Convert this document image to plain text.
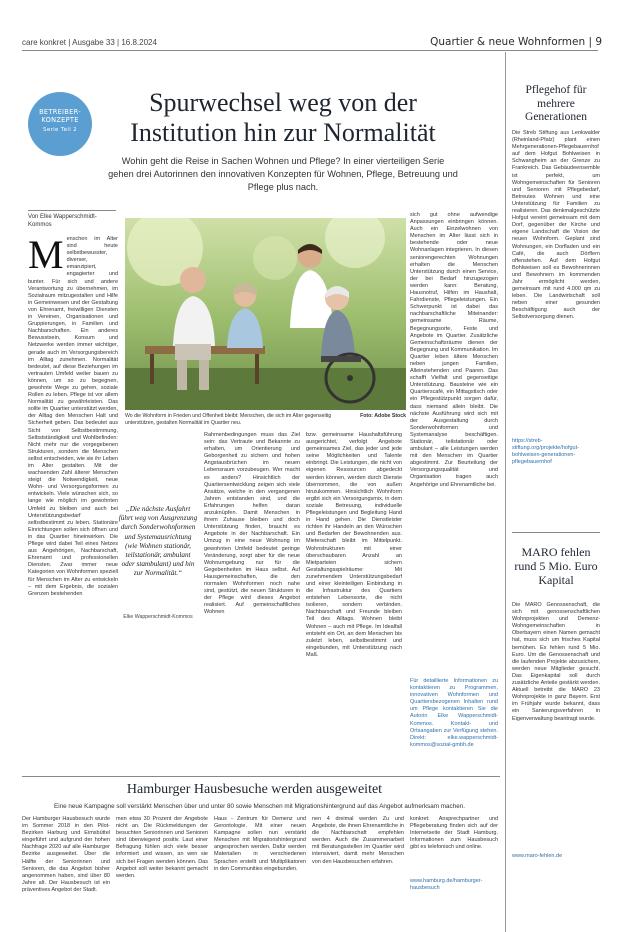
care konkret | Ausgabe 33 | 16.8.2024	Quartier & neue Wohnformen | 9
BETREIBER-
KONZEPTE
Serie Teil 2
Spurwechsel weg von der Institution hin zur Normalität
Wohin geht die Reise in Sachen Wohnen und Pflege? In einer vierteiligen Serie gehen drei Autorinnen den innovativen Konzepten für Wohnen, Pflege, Betreuung und Pflege plus nach.
Von Elke Wapperschmidt-Kommos
Menschen im Alter sind heute selbstbewusster, diverser, emanzipiert, engagierter und bunter. Für sich und andere Verantwortung zu übernehmen, im Sozialraum mitzugestalten und Hilfe in Gemeinwesen und der Gestaltung von Ehrenamt, freiwilligen Diensten in Vereinen, Organisationen und Gruppierungen, in Familien und Nachbarschaften. Ein anderes Bewusstsein, Konsum und Netzwerke werden immer wichtiger, gerade auch im Versorgungsbereich im Alltag zunehmen. Normalität bedeutet, auf diese Beziehungen im vertrauten Umfeld weiter bauen zu können, um so zu begegnen, gewohnte Wege zu gehen, soziale Rollen zu leben. Pflege ist vor allem Normalität zu gewährleisten. Das sollte im Quartier unterstützt werden, der Alltag den Menschen Halt und Sicherheit geben. Das bedeutet aus Sicht von Selbstbestimmung, Selbstständigkeit und Wohlbefinden: Nicht mehr nur die vorgegebenen Strukturen, sondern die Menschen selbst entscheiden, wie sie ihr Leben im Alter gestalten. Mit der wachsenden Zahl älterer Menschen steigt die Notwendigkeit, neue Wohn- und Versorgungsformen zu entwickeln. Viele wünschen sich, so lange wie möglich im gewohnten Umfeld zu bleiben und auch bei Unterstützungsbedarf selbstbestimmt zu leben. Stationäre Einrichtungen sollen sich öffnen und in das Quartier hineinwirken. Die Pflege wird dabei Teil eines Netzes aus Angehörigen, Nachbarschaft, Ehrenamt und professionellen Diensten. Zwar immer neue Kategorien von Wohnformen speziell für Menschen im Alter zu entwickeln – mit dem Ergebnis, die sozialen Grenzen bestehenden
Wo die Wohnform in Frieden und Offenheit bleibt: Menschen, die sich im Alter gegenseitig unterstützen, gestalten Normalität im Quartier neu.
Foto: Adobe Stock
„Die nächste Ausfahrt führt weg von Ausgrenzung durch Sonderwohnformen und Systemausrichtung (wie Wohnen stationär, teilstationär, ambulant oder stambulant) und hin zur Normalität.“
Elke Wapperschmidt-Kommos
Rahmenbedingungen muss das Ziel sein: das Vertraute und Bekannte zu erhalten, um Orientierung und Geborgenheit zu sichern und hohen Angstausbrüchen im neuen Lebensraum vorzubeugen. Wer macht es anders? Hinsichtlich der Quartiersentwicklung zeigen sich viele Ansätze, welche in den vergangenen Jahren entstanden sind, und die Erfahrungen helfen daran anzuknüpfen. Damit Menschen in ihrem Zuhause bleiben und doch Unterstützung finden, braucht es Angebote in der Nachbarschaft. Ein Umzug in eine neue Wohnung im gewohnten Umfeld bedeutet geringe Veränderung, sorgt aber für die neue Wohnumgebung nur für die Gegebenheiten im Haus selbst. Auf Hausgemeinschaften, die den normalen Wohnformen noch nahe sind, gestützt, die neuen Strukturen in der Pflege wird dieses Angebot realisiert. Auf gemeinschaftliches Wohnen
bzw. gemeinsame Haushaltsführung ausgerichtet, verfolgt Angebote gemeinsames Ziel, das jeder und jede seine Möglichkeiten und Talente einbringt. Die Leistungen, die nicht von eigenen Ressourcen abgedeckt werden können, werden durch Dienste übernommen, die von außen hinzukommen. Hinsichtlich Wohnform ergibt sich ein Versorgungsmix, in dem soziale Betreuung, individuelle Pflegeleistungen und Begleitung Hand in Hand gehen. Die Dienstleister richten ihr Handeln an den Wünschen und Bedarfen der Bewohnenden aus. Mieterschaft bleibt im Mittelpunkt. Wohnstrukturen mit einer überschaubaren Anzahl an Mietparteien sichern Gestaltungsspielräume: Mit zunehmendem Unterstützungsbedarf und einer kleinteiligen Einbindung in die Infrastruktur des Quartiers entstehen Lebensorte, die nicht isolieren, sondern verbinden. Nachbarschaft und Freunde bleiben Teil des Alltags. Wohnen bleibt Wohnen – auch mit Pflege. Im Idealfall entsteht ein Ort, an dem Menschen bis zuletzt leben, selbstbestimmt und eingebunden, mit Unterstützung nach Maß.
sich gut ohne aufwendige Anpassungen einbringen können. Auch ein Einzelwohnen von Menschen im Alter lässt sich in bestehende oder neue Wohnanlagen integrieren. In diesen seniorengerechten Wohnungen erhalten die Menschen Unterstützung durch einen Service, der bei Bedarf hinzugezogen werden kann: Beratung, Hausnotruf, Hilfen im Haushalt, Fahrdienste, Pflegeleistungen. Ein Schwerpunkt ist dabei das nachbarschaftliche Miteinander: gemeinsame Räume, Begegnungsorte, Feste und Angebote im Quartier. Zusätzliche Gemeinschaftsräume dienen der Begegnung und Kommunikation. Im Quartier leben ältere Menschen neben jungen Familien, Alleinstehenden und Paaren. Das schafft Vielfalt und gegenseitige Unterstützung. Bausteine wie ein Quartierscafé, ein Mittagstisch oder ein Pflegestützpunkt sorgen dafür, dass niemand allein bleibt. Die nächste Ausführung wird sich mit der Ausgestaltung durch Sonderwohnformen und Systemanalyse beschäftigen. Stationär, teilstationär oder ambulant – alle Leistungen werden mit den Menschen im Quartier abgestimmt. Zur Beurteilung der Versorgungsqualität und Organisation tragen auch Angehörige und Ehrenamtliche bei.
Für detaillierte Informationen zu kontaktieren zu Programmen, innovativen Wohnformen und Quartiersbezogenen Inhalten rund um Pflege kontaktieren Sie die Autorin Elke Wapperschmidt-Kommos. Kontakt- und Ortsangaben zur Verfügung stehen. Direkt: elke.wapperschmidt-kommos@sozial-gmbh.de
Pflegehof für mehrere Generationen
Die Streb Stiftung aus Lenkwalder (Rheinland-Pfalz) plant einen Mehrgenerationen-Pflegebauernhof auf dem Hofgut Bohlweisen in Schwangheim an der Grenze zu Frankreich. Das Gebäudeensemble ist perfekt, um Wohngemeinschaften für Senioren und Senioren mit Pflegebedarf, Betreutes Wohnen und eine Unterstützung für Familien zu realisieren. Das denkmalgeschützte Hofgut vereint gemeinsam mit dem Dorf, gegenüber der Kirche und eigene Landschaft die Vision der neuen Wohnform. Geplant sind Wohnungen, ein Dorfladen und ein Café, die auch Dörflern offenstehen. Auf dem Hofgut Bohlweisen soll es Bewohnerinnen und Bewohnern im kommenden Jahr ermöglicht werden, gemeinsam mit rund 4.000 qm zu leben. Die Landwirtschaft soll neben einer gesunden Beschäftigung auch der Selbstversorgung dienen.
https://streb-stiftung.org/projekte/hofgut-bohlweisen-generationen-pflegebauernhof
MARO fehlen rund 5 Mio. Euro Kapital
Die MARO Genossenschaft, die sich mit genossenschaftlichen Wohnprojekten und Demenz-Wohngemeinschaften in Oberbayern einen Namen gemacht hat, muss sich um frisches Kapital bemühen. Es fehlen rund 5 Mio. Euro. Um die Genossenschaft und die laufenden Projekte abzusichern, werden neue Mitglieder gesucht. Das Eigenkapital soll durch zusätzliche Anteile gestärkt werden. Aktuell betreibt die MARO 23 Wohnprojekte in ganz Bayern. Erst im Frühjahr wurde bekannt, dass ein Sanierungsverfahren in Eigenverwaltung beantragt wurde.
www.maro-fehlen.de
Hamburger Hausbesuche werden ausgeweitet
Eine neue Kampagne soll verstärkt Menschen über und unter 80 sowie Menschen mit Migrationshintergrund auf das Angebot aufmerksam machen.
Der Hamburger Hausbesuch wurde im Sommer 2018 in den Pilot-Bezirken Harburg und Eimsbüttel eingeführt und aufgrund der hohen Nachfrage 2020 auf alle Hamburger Bezirke ausgeweitet. Über die Hälfte der Seniorinnen und Senioren, die das Angebot bisher angenommen haben, sind über 80 Jahre alt. Der Hausbesuch ist ein präventives Angebot der Stadt.
men etwa 30 Prozent der Angebote nicht an. Die Rückmeldungen der besuchten Seniorinnen und Senioren sind überwiegend positiv. Laut einer Befragung fühlen sich viele besser informiert und wissen, an wen sie sich bei Fragen wenden können. Das Angebot soll weiter bekannt gemacht werden.
Haus - Zentrum für Demenz und Gerontologie. Mit einer neuen Kampagne sollen nun verstärkt Menschen mit Migrationshintergrund angesprochen werden. Dafür werden Materialien in verschiedenen Sprachen erstellt und Multiplikatoren in den Communities eingebunden.
nen 4 dreimal werden Zu und Angebote, die ihnen Ehrenamtliche in die Nachbarschaft empfehlen werden. Auch die Zusammenarbeit mit Beratungsstellen im Quartier wird intensiviert, damit mehr Menschen von den Hausbesuchen erfahren.
konkret: Ansprechpartner und Pflegeberatung finden sich auf der Internetseite der Stadt Hamburg. Informationen zum Hausbesuch gibt es telefonisch und online.
www.hamburg.de/hamburger-hausbesuch
